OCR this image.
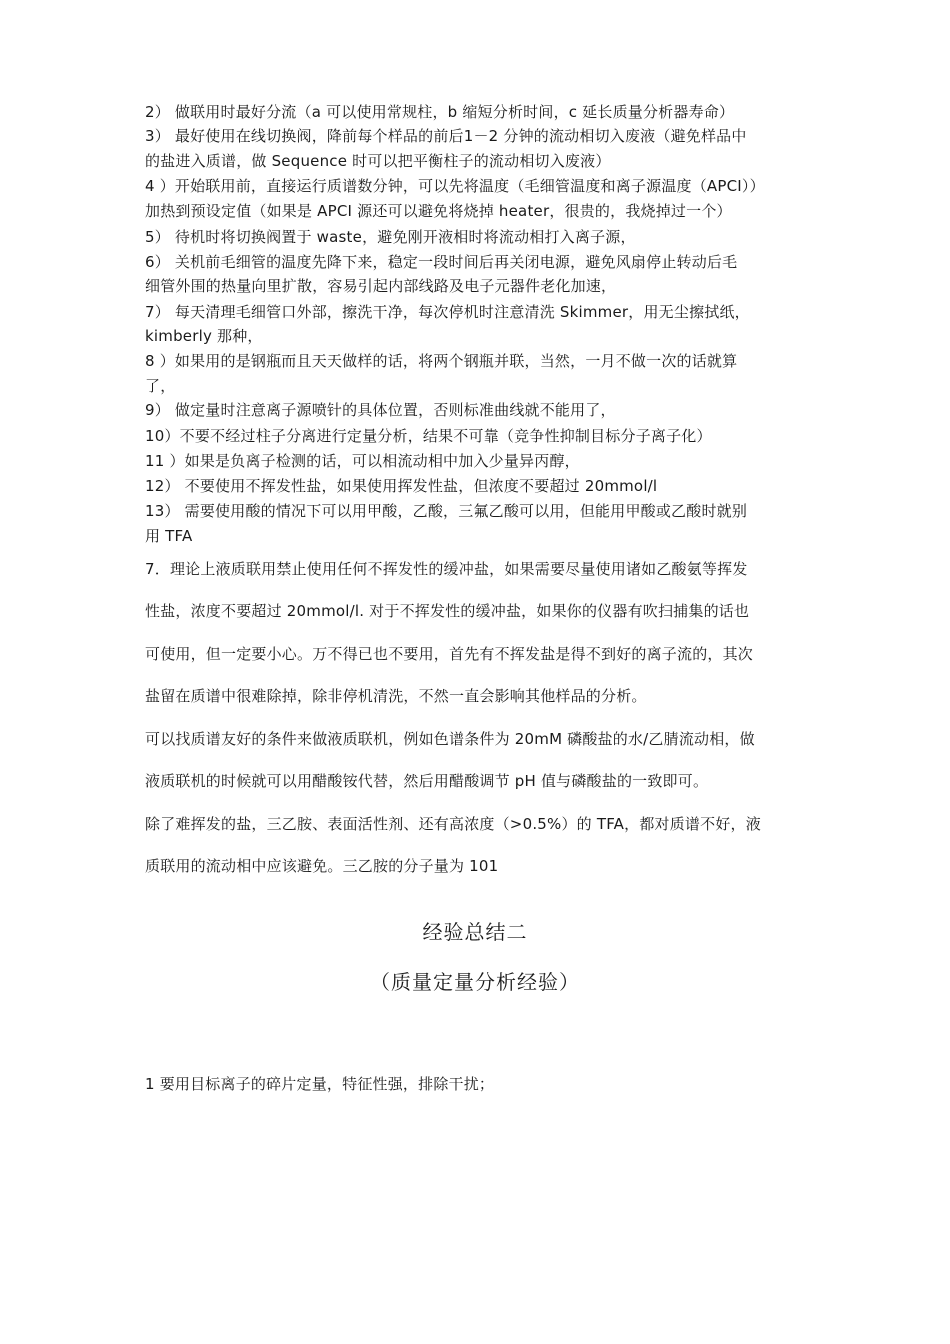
2） 做联用时最好分流（a 可以使用常规柱，b 缩短分析时间，c 延长质量分析器寿命）
3） 最好使用在线切换阀，降前每个样品的前后1－2 分钟的流动相切入废液（避免样品中
的盐进入质谱，做 Sequence 时可以把平衡柱子的流动相切入废液）
4 ）开始联用前，直接运行质谱数分钟，可以先将温度（毛细管温度和离子源温度（APCI））
加热到预设定值（如果是 APCI 源还可以避免将烧掉 heater，很贵的，我烧掉过一个）
5） 待机时将切换阀置于 waste，避免刚开液相时将流动相打入离子源，
6） 关机前毛细管的温度先降下来，稳定一段时间后再关闭电源，避免风扇停止转动后毛
细管外围的热量向里扩散，容易引起内部线路及电子元器件老化加速，
7） 每天清理毛细管口外部，擦洗干净，每次停机时注意清洗 Skimmer，用无尘擦拭纸，
kimberly 那种，
8 ）如果用的是钢瓶而且天天做样的话，将两个钢瓶并联，当然，一月不做一次的话就算
了，
9） 做定量时注意离子源喷针的具体位置，否则标准曲线就不能用了，
10）不要不经过柱子分离进行定量分析，结果不可靠（竞争性抑制目标分子离子化）
11 ）如果是负离子检测的话，可以相流动相中加入少量异丙醇，
12） 不要使用不挥发性盐，如果使用挥发性盐，但浓度不要超过 20mmol/l
13） 需要使用酸的情况下可以用甲酸，乙酸，三氟乙酸可以用，但能用甲酸或乙酸时就别
用 TFA
7．理论上液质联用禁止使用任何不挥发性的缓冲盐，如果需要尽量使用诸如乙酸氨等挥发
性盐，浓度不要超过 20mmol/l. 对于不挥发性的缓冲盐，如果你的仪器有吹扫捕集的话也
可使用，但一定要小心。万不得已也不要用，首先有不挥发盐是得不到好的离子流的，其次
盐留在质谱中很难除掉，除非停机清洗，不然一直会影响其他样品的分析。
可以找质谱友好的条件来做液质联机，例如色谱条件为 20mM 磷酸盐的水/乙腈流动相，做
液质联机的时候就可以用醋酸铵代替，然后用醋酸调节 pH 值与磷酸盐的一致即可。
除了难挥发的盐，三乙胺、表面活性剂、还有高浓度（>0.5%）的 TFA，都对质谱不好，液
质联用的流动相中应该避免。三乙胺的分子量为 101
经验总结二
（质量定量分析经验）
1 要用目标离子的碎片定量，特征性强，排除干扰；
